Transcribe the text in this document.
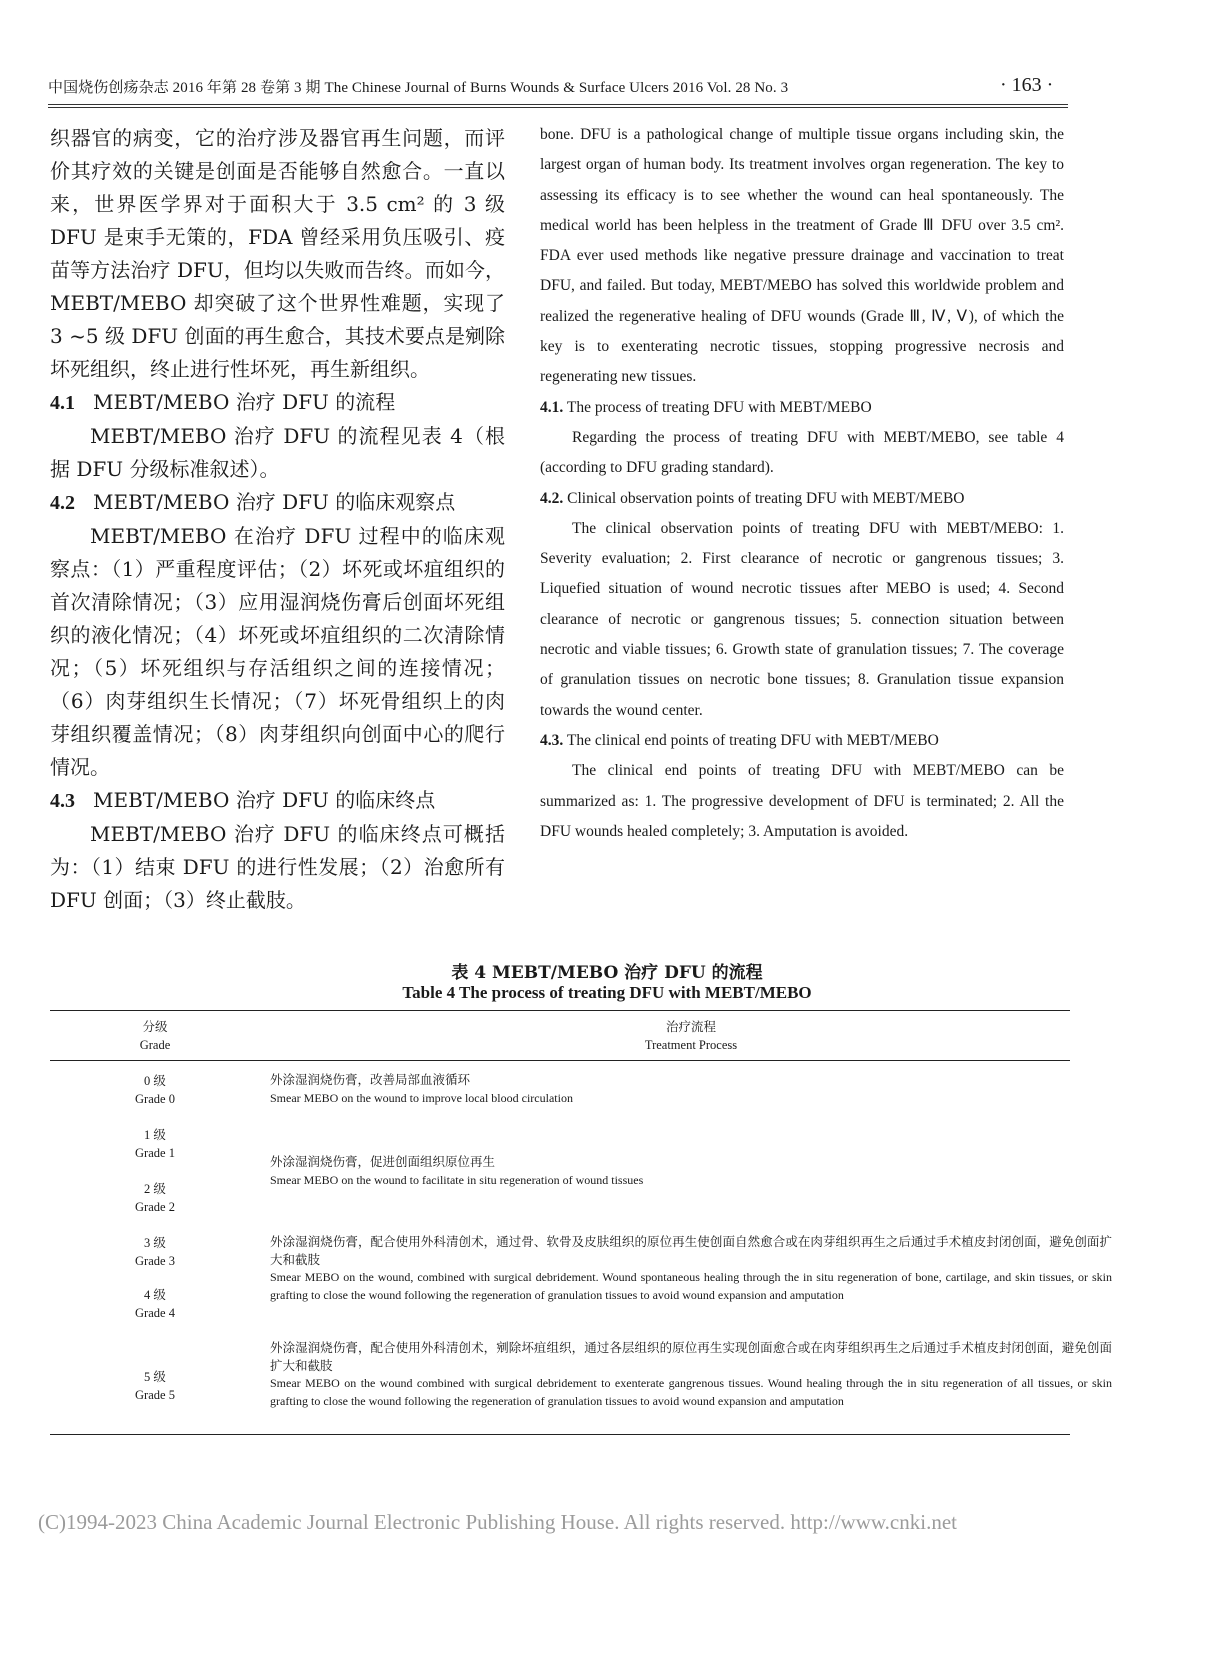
中国烧伤创疡杂志 2016 年第 28 卷第 3 期 The Chinese Journal of Burns Wounds & Surface Ulcers 2016 Vol. 28 No. 3	· 163 ·

织器官的病变，它的治疗涉及器官再生问题，而评价其疗效的关键是创面是否能够自然愈合。一直以来，世界医学界对于面积大于 3.5 cm² 的 3 级 DFU 是束手无策的，FDA 曾经采用负压吸引、疫苗等方法治疗 DFU，但均以失败而告终。而如今，MEBT/MEBO 却突破了这个世界性难题，实现了 3 ~5 级 DFU 创面的再生愈合，其技术要点是剜除坏死组织，终止进行性坏死，再生新组织。

4.1 MEBT/MEBO 治疗 DFU 的流程

MEBT/MEBO 治疗 DFU 的流程见表 4（根据 DFU 分级标准叙述）。

4.2 MEBT/MEBO 治疗 DFU 的临床观察点

MEBT/MEBO 在治疗 DFU 过程中的临床观察点：（1）严重程度评估；（2）坏死或坏疽组织的首次清除情况；（3）应用湿润烧伤膏后创面坏死组织的液化情况；（4）坏死或坏疽组织的二次清除情况；（5）坏死组织与存活组织之间的连接情况；（6）肉芽组织生长情况；（7）坏死骨组织上的肉芽组织覆盖情况；（8）肉芽组织向创面中心的爬行情况。

4.3 MEBT/MEBO 治疗 DFU 的临床终点

MEBT/MEBO 治疗 DFU 的临床终点可概括为：（1）结束 DFU 的进行性发展；（2）治愈所有 DFU 创面；（3）终止截肢。

bone. DFU is a pathological change of multiple tissue organs including skin, the largest organ of human body. Its treatment involves organ regeneration. The key to assessing its efficacy is to see whether the wound can heal spontaneously. The medical world has been helpless in the treatment of Grade Ⅲ DFU over 3.5 cm². FDA ever used methods like negative pressure drainage and vaccination to treat DFU, and failed. But today, MEBT/MEBO has solved this worldwide problem and realized the regenerative healing of DFU wounds (Grade Ⅲ, Ⅳ, Ⅴ), of which the key is to exenterating necrotic tissues, stopping progressive necrosis and regenerating new tissues.

4.1. The process of treating DFU with MEBT/MEBO

Regarding the process of treating DFU with MEBT/MEBO, see table 4 (according to DFU grading standard).

4.2. Clinical observation points of treating DFU with MEBT/MEBO

The clinical observation points of treating DFU with MEBT/MEBO: 1. Severity evaluation; 2. First clearance of necrotic or gangrenous tissues; 3. Liquefied situation of wound necrotic tissues after MEBO is used; 4. Second clearance of necrotic or gangrenous tissues; 5. connection situation between necrotic and viable tissues; 6. Growth state of granulation tissues; 7. The coverage of granulation tissues on necrotic bone tissues; 8. Granulation tissue expansion towards the wound center.

4.3. The clinical end points of treating DFU with MEBT/MEBO

The clinical end points of treating DFU with MEBT/MEBO can be summarized as: 1. The progressive development of DFU is terminated; 2. All the DFU wounds healed completely; 3. Amputation is avoided.

表 4 MEBT/MEBO 治疗 DFU 的流程
Table 4 The process of treating DFU with MEBT/MEBO
分级
Grade
治疗流程
Treatment Process
0 级
Grade 0
外涂湿润烧伤膏，改善局部血液循环
Smear MEBO on the wound to improve local blood circulation
1 级
Grade 1
2 级
Grade 2
外涂湿润烧伤膏，促进创面组织原位再生
Smear MEBO on the wound to facilitate in situ regeneration of wound tissues
3 级
Grade 3
4 级
Grade 4
外涂湿润烧伤膏，配合使用外科清创术，通过骨、软骨及皮肤组织的原位再生使创面自然愈合或在肉芽组织再生之后通过手术植皮封闭创面，避免创面扩大和截肢
Smear MEBO on the wound, combined with surgical debridement. Wound spontaneous healing through the in situ regeneration of bone, cartilage, and skin tissues, or skin grafting to close the wound following the regeneration of granulation tissues to avoid wound expansion and amputation
5 级
Grade 5
外涂湿润烧伤膏，配合使用外科清创术，剜除坏疽组织，通过各层组织的原位再生实现创面愈合或在肉芽组织再生之后通过手术植皮封闭创面，避免创面扩大和截肢
Smear MEBO on the wound combined with surgical debridement to exenterate gangrenous tissues. Wound healing through the in situ regeneration of all tissues, or skin grafting to close the wound following the regeneration of granulation tissues to avoid wound expansion and amputation
(C)1994-2023 China Academic Journal Electronic Publishing House. All rights reserved. http://www.cnki.net
